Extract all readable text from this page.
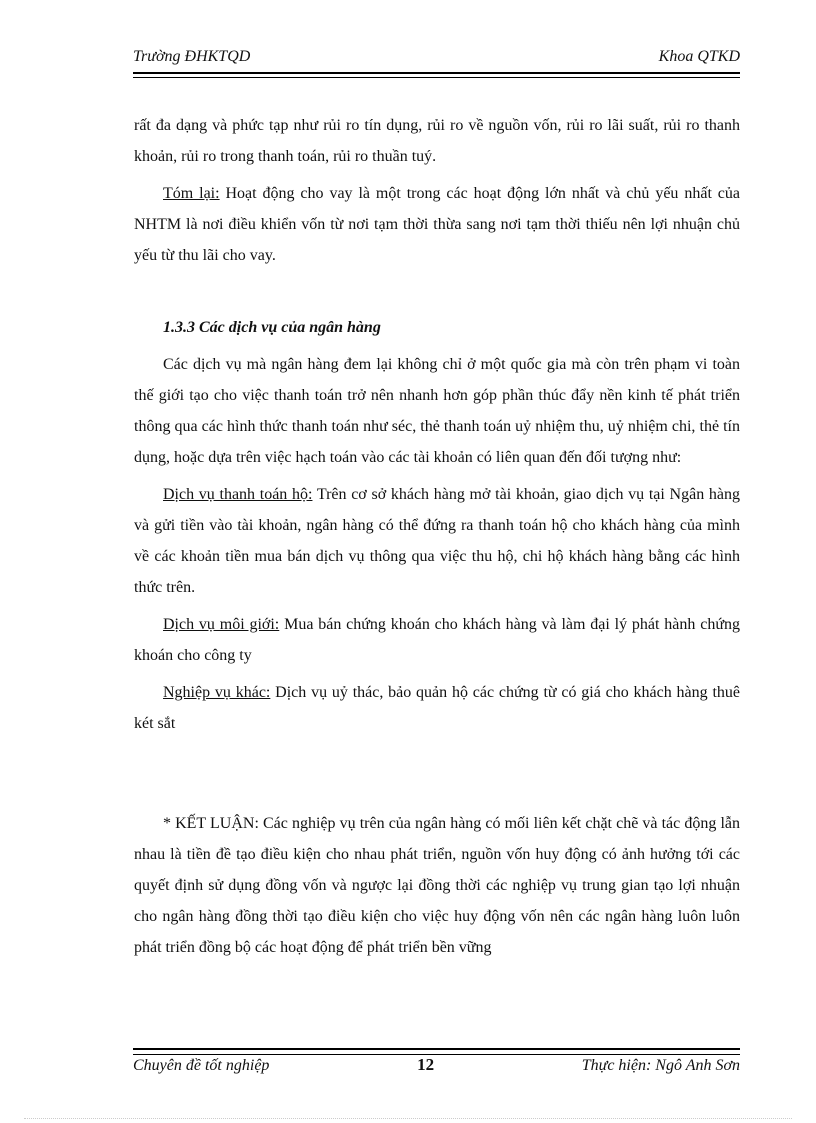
Trường ĐHKTQD	Khoa QTKD

rất đa dạng và phức tạp như rủi ro tín dụng, rủi ro về nguồn vốn, rủi ro lãi suất, rủi ro thanh khoản, rủi ro trong thanh toán, rủi ro thuần tuý.

Tóm lại: Hoạt động cho vay là một trong các hoạt động lớn nhất và chủ yếu nhất của NHTM là nơi điều khiển vốn từ nơi tạm thời thừa sang nơi tạm thời thiếu nên lợi nhuận chủ yếu từ thu lãi cho vay.

1.3.3 Các dịch vụ của ngân hàng

Các dịch vụ mà ngân hàng đem lại không chỉ ở một quốc gia mà còn trên phạm vi toàn thế giới tạo cho việc thanh toán trở nên nhanh hơn góp phần thúc đẩy nền kinh tế phát triển thông qua các hình thức thanh toán như séc, thẻ thanh toán uỷ nhiệm thu, uỷ nhiệm chi, thẻ tín dụng, hoặc dựa trên việc hạch toán vào các tài khoản có liên quan đến đối tượng như:

Dịch vụ thanh toán hộ: Trên cơ sở khách hàng mở tài khoản, giao dịch vụ tại Ngân hàng và gửi tiền vào tài khoản, ngân hàng có thể đứng ra thanh toán hộ cho khách hàng của mình về các khoản tiền mua bán dịch vụ thông qua việc thu hộ, chi hộ khách hàng bằng các hình thức trên.

Dịch vụ môi giới: Mua bán chứng khoán cho khách hàng và làm đại lý phát hành chứng khoán cho công ty

Nghiệp vụ khác: Dịch vụ uỷ thác, bảo quản hộ các chứng từ có giá cho khách hàng thuê két sắt

* KẾT LUẬN: Các nghiệp vụ trên của ngân hàng có mối liên kết chặt chẽ và tác động lẫn nhau là tiền đề tạo điều kiện cho nhau phát triển, nguồn vốn huy động có ảnh hưởng tới các quyết định sử dụng đồng vốn và ngược lại đồng thời các nghiệp vụ trung gian tạo lợi nhuận cho ngân hàng đồng thời tạo điều kiện cho việc huy động vốn nên các ngân hàng luôn luôn phát triển đồng bộ các hoạt động để phát triển bền vững

Chuyên đề tốt nghiệp	12	Thực hiện: Ngô Anh Sơn
